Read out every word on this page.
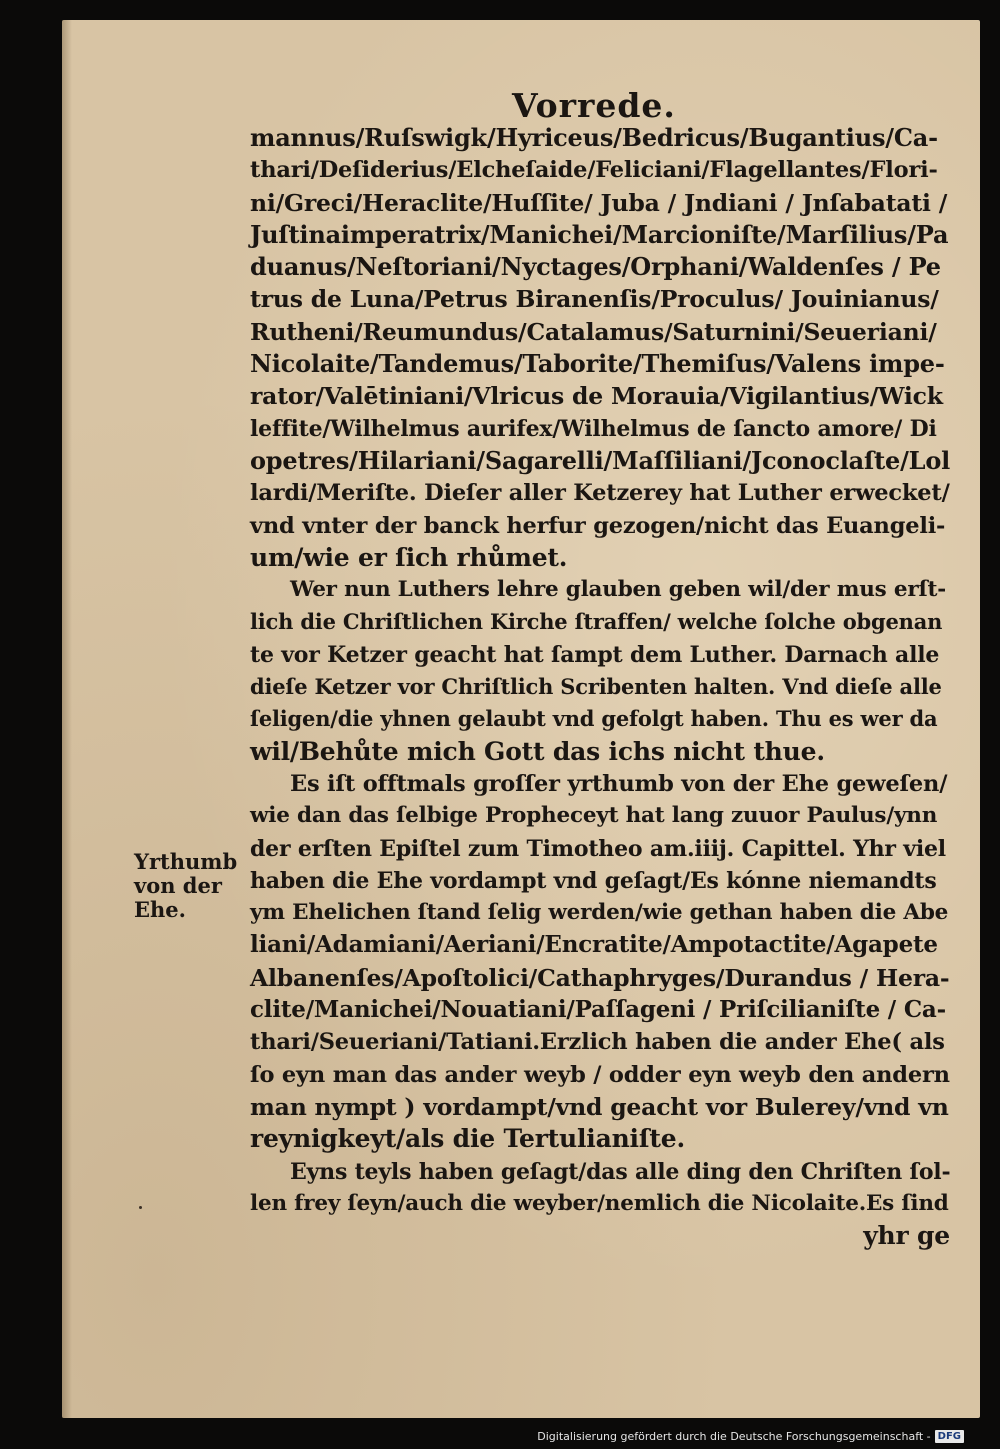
Vorrede.
mannus/Ruſswigk/Hyriceus/Bedricus/Bugantius/Ca-
thari/Deſiderius/Elcheſaide/Feliciani/Flagellantes/Flori-
ni/Greci/Heraclite/Huſſite/ Juba / Jndiani / Jnſabatati /
Juſtinaimperatrix/Manichei/Marcioniſte/Marſilius/Pa
duanus/Neſtoriani/Nyctages/Orphani/Waldenſes / Pe
trus de Luna/Petrus Biranenſis/Proculus/ Jouinianus/
Rutheni/Reumundus/Catalamus/Saturnini/Seueriani/
Nicolaite/Tandemus/Taborite/Themiſus/Valens impe-
rator/Valētiniani/Vlricus de Morauia/Vigilantius/Wick
leffite/Wilhelmus aurifex/Wilhelmus de ſancto amore/ Di
opetres/Hilariani/Sagarelli/Maſſiliani/Jconoclaſte/Lol
lardi/Meriſte. Dieſer aller Ketzerey hat Luther erwecket/
vnd vnter der banck herfur gezogen/nicht das Euangeli-
um/wie er ſich rhůmet.
Wer nun Luthers lehre glauben geben wil/der mus erſt-
lich die Chriſtlichen Kirche ſtraffen/ welche ſolche obgenan
te vor Ketzer geacht hat ſampt dem Luther. Darnach alle
dieſe Ketzer vor Chriſtlich Scribenten halten. Vnd dieſe alle
ſeligen/die yhnen gelaubt vnd gefolgt haben. Thu es wer da
wil/Behůte mich Gott das ichs nicht thue.
Es iſt offtmals groſſer yrthumb von der Ehe geweſen/
wie dan das ſelbige Propheceyt hat lang zuuor Paulus/ynn
der erſten Epiſtel zum Timotheo am.iiij. Capittel. Yhr viel
haben die Ehe vordampt vnd geſagt/Es kónne niemandts
ym Ehelichen ſtand ſelig werden/wie gethan haben die Abe
liani/Adamiani/Aeriani/Encratite/Ampotactite/Agapete
Albanenſes/Apoſtolici/Cathaphryges/Durandus / Hera-
clite/Manichei/Nouatiani/Paſſageni / Priſcilianiſte / Ca-
thari/Seueriani/Tatiani.Erzlich haben die ander Ehe( als
ſo eyn man das ander weyb / odder eyn weyb den andern
man nympt ) vordampt/vnd geacht vor Bulerey/vnd vn
reynigkeyt/als die Tertulianiſte.
Eyns teyls haben geſagt/das alle ding den Chriſten ſol-
len frey ſeyn/auch die weyber/nemlich die Nicolaite.Es ſind
yhr ge
Yrthumb
von der
Ehe.
Digitalisierung gefördert durch die Deutsche Forschungsgemeinschaft - DFG
